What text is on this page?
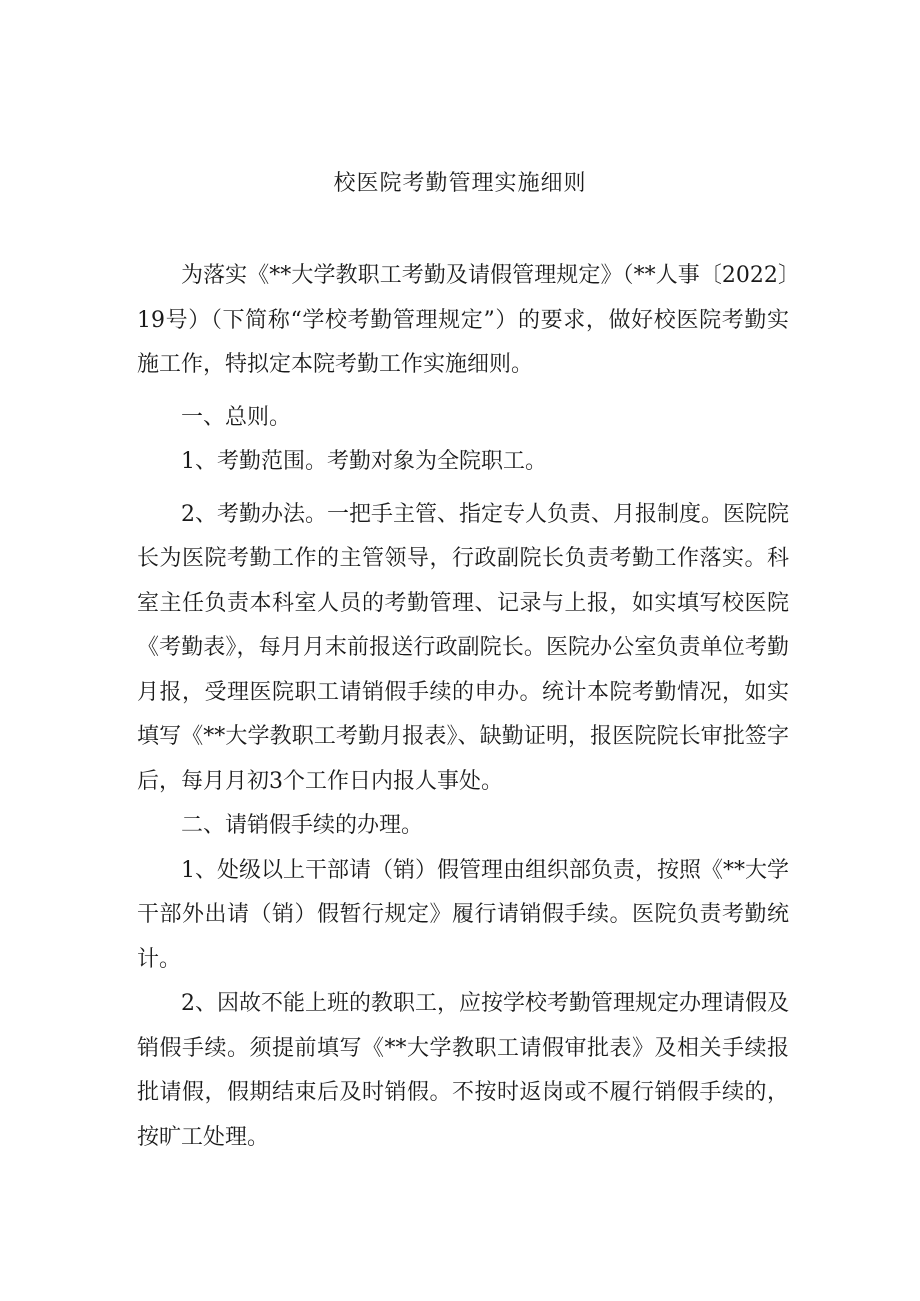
校医院考勤管理实施细则

为落实《**大学教职工考勤及请假管理规定》（**人事〔2022〕19号）（下简称“学校考勤管理规定”）的要求，做好校医院考勤实施工作，特拟定本院考勤工作实施细则。

一、总则。

1、考勤范围。考勤对象为全院职工。

2、考勤办法。一把手主管、指定专人负责、月报制度。医院院长为医院考勤工作的主管领导，行政副院长负责考勤工作落实。科室主任负责本科室人员的考勤管理、记录与上报，如实填写校医院《考勤表》，每月月末前报送行政副院长。医院办公室负责单位考勤月报，受理医院职工请销假手续的申办。统计本院考勤情况，如实填写《**大学教职工考勤月报表》、缺勤证明，报医院院长审批签字后，每月月初3个工作日内报人事处。

二、请销假手续的办理。

1、处级以上干部请（销）假管理由组织部负责，按照《**大学干部外出请（销）假暂行规定》履行请销假手续。医院负责考勤统计。

2、因故不能上班的教职工，应按学校考勤管理规定办理请假及销假手续。须提前填写《**大学教职工请假审批表》及相关手续报批请假，假期结束后及时销假。不按时返岗或不履行销假手续的，按旷工处理。
